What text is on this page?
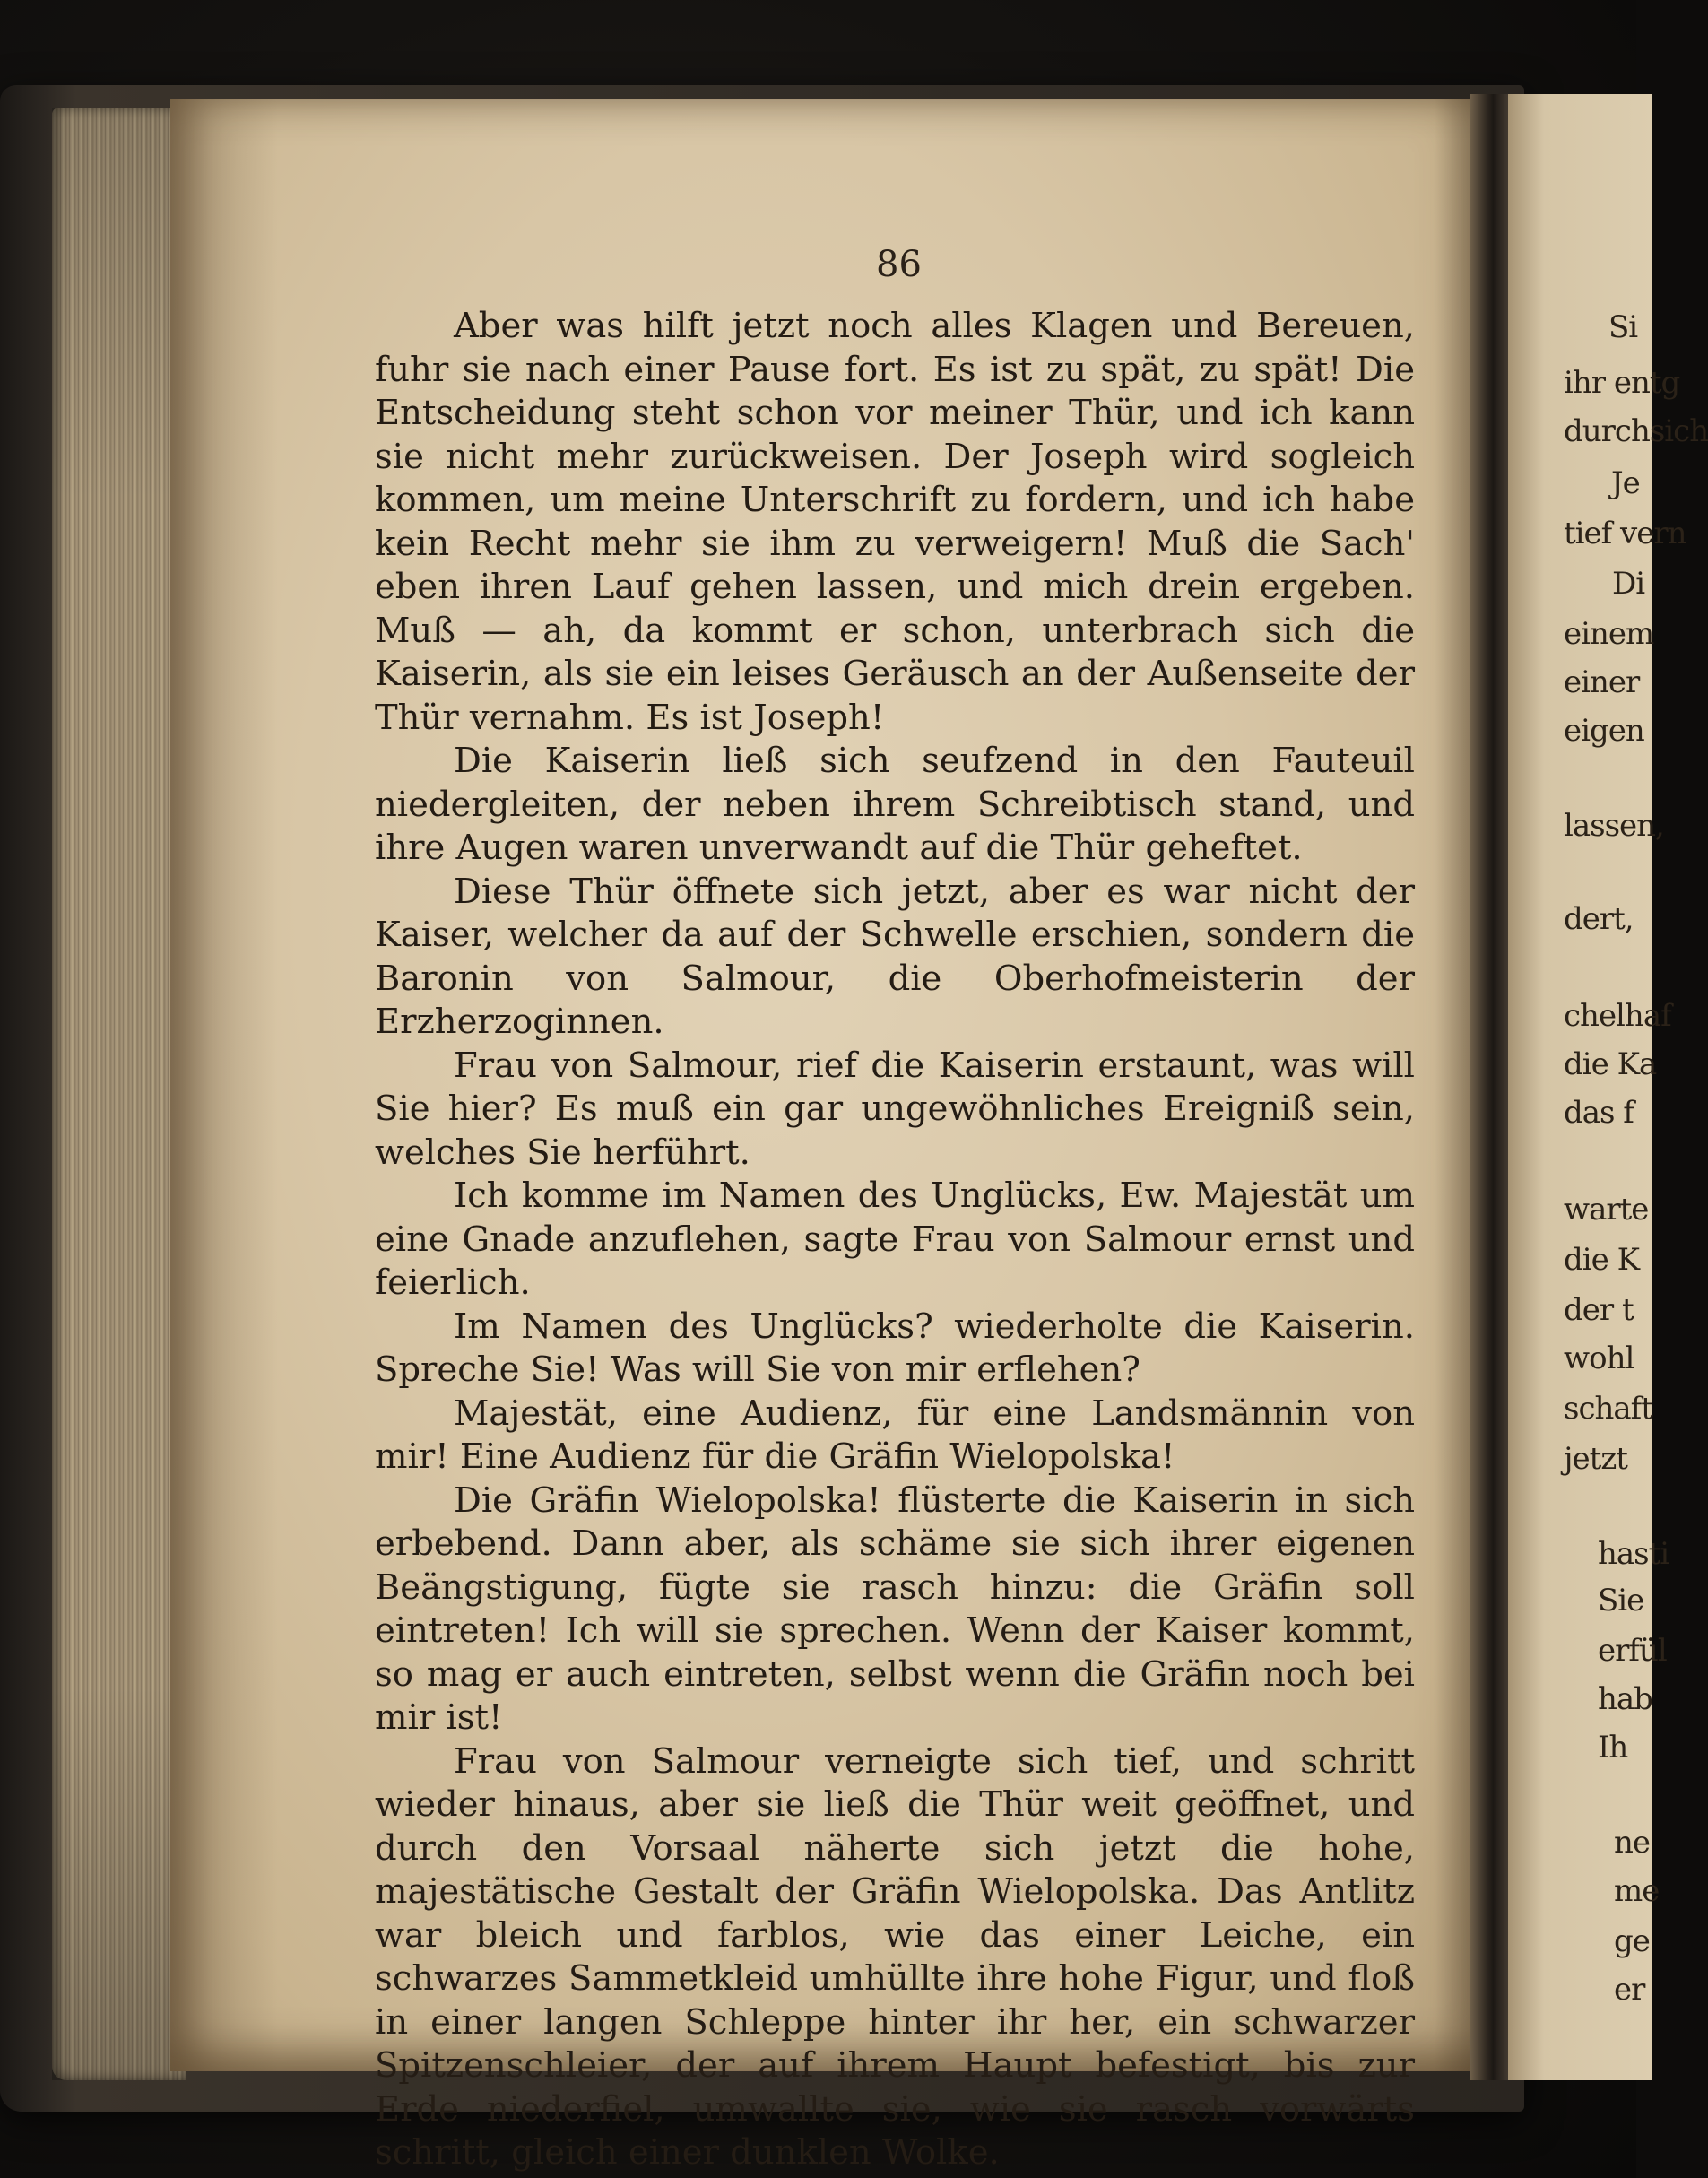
86

Aber was hilft jetzt noch alles Klagen und Bereuen, fuhr sie nach einer Pause fort. Es ist zu spät, zu spät! Die Entscheidung steht schon vor meiner Thür, und ich kann sie nicht mehr zurückweisen. Der Joseph wird sogleich kommen, um meine Unterschrift zu fordern, und ich habe kein Recht mehr sie ihm zu verweigern! Muß die Sach' eben ihren Lauf gehen lassen, und mich drein ergeben. Muß — ah, da kommt er schon, unterbrach sich die Kaiserin, als sie ein leises Geräusch an der Außenseite der Thür vernahm. Es ist Joseph!

Die Kaiserin ließ sich seufzend in den Fauteuil niedergleiten, der neben ihrem Schreibtisch stand, und ihre Augen waren unverwandt auf die Thür geheftet.

Diese Thür öffnete sich jetzt, aber es war nicht der Kaiser, welcher da auf der Schwelle erschien, sondern die Baronin von Salmour, die Oberhofmeisterin der Erzherzoginnen.

Frau von Salmour, rief die Kaiserin erstaunt, was will Sie hier? Es muß ein gar ungewöhnliches Ereigniß sein, welches Sie herführt.

Ich komme im Namen des Unglücks, Ew. Majestät um eine Gnade anzuflehen, sagte Frau von Salmour ernst und feierlich.

Im Namen des Unglücks? wiederholte die Kaiserin. Spreche Sie! Was will Sie von mir erflehen?

Majestät, eine Audienz, für eine Landsmännin von mir! Eine Audienz für die Gräfin Wielopolska!

Die Gräfin Wielopolska! flüsterte die Kaiserin in sich erbebend. Dann aber, als schäme sie sich ihrer eigenen Beängstigung, fügte sie rasch hinzu: die Gräfin soll eintreten! Ich will sie sprechen. Wenn der Kaiser kommt, so mag er auch eintreten, selbst wenn die Gräfin noch bei mir ist!

Frau von Salmour verneigte sich tief, und schritt wieder hinaus, aber sie ließ die Thür weit geöffnet, und durch den Vorsaal näherte sich jetzt die hohe, majestätische Gestalt der Gräfin Wielopolska. Das Antlitz war bleich und farblos, wie das einer Leiche, ein schwarzes Sammetkleid umhüllte ihre hohe Figur, und floß in einer langen Schleppe hinter ihr her, ein schwarzer Spitzenschleier, der auf ihrem Haupt befestigt, bis zur Erde niederfiel, umwallte sie, wie sie rasch vorwärts schritt, gleich einer dunklen Wolke.

Si
ihr entg
durchsich
Je
tief vern
Di
einem
einer
eigen
lassen,
dert,
chelhaf
die Ka
das f
warte
die K
der t
wohl
schaft
jetzt
hasti
Sie
erfül
hab
Ih
ne
me
ge
er
